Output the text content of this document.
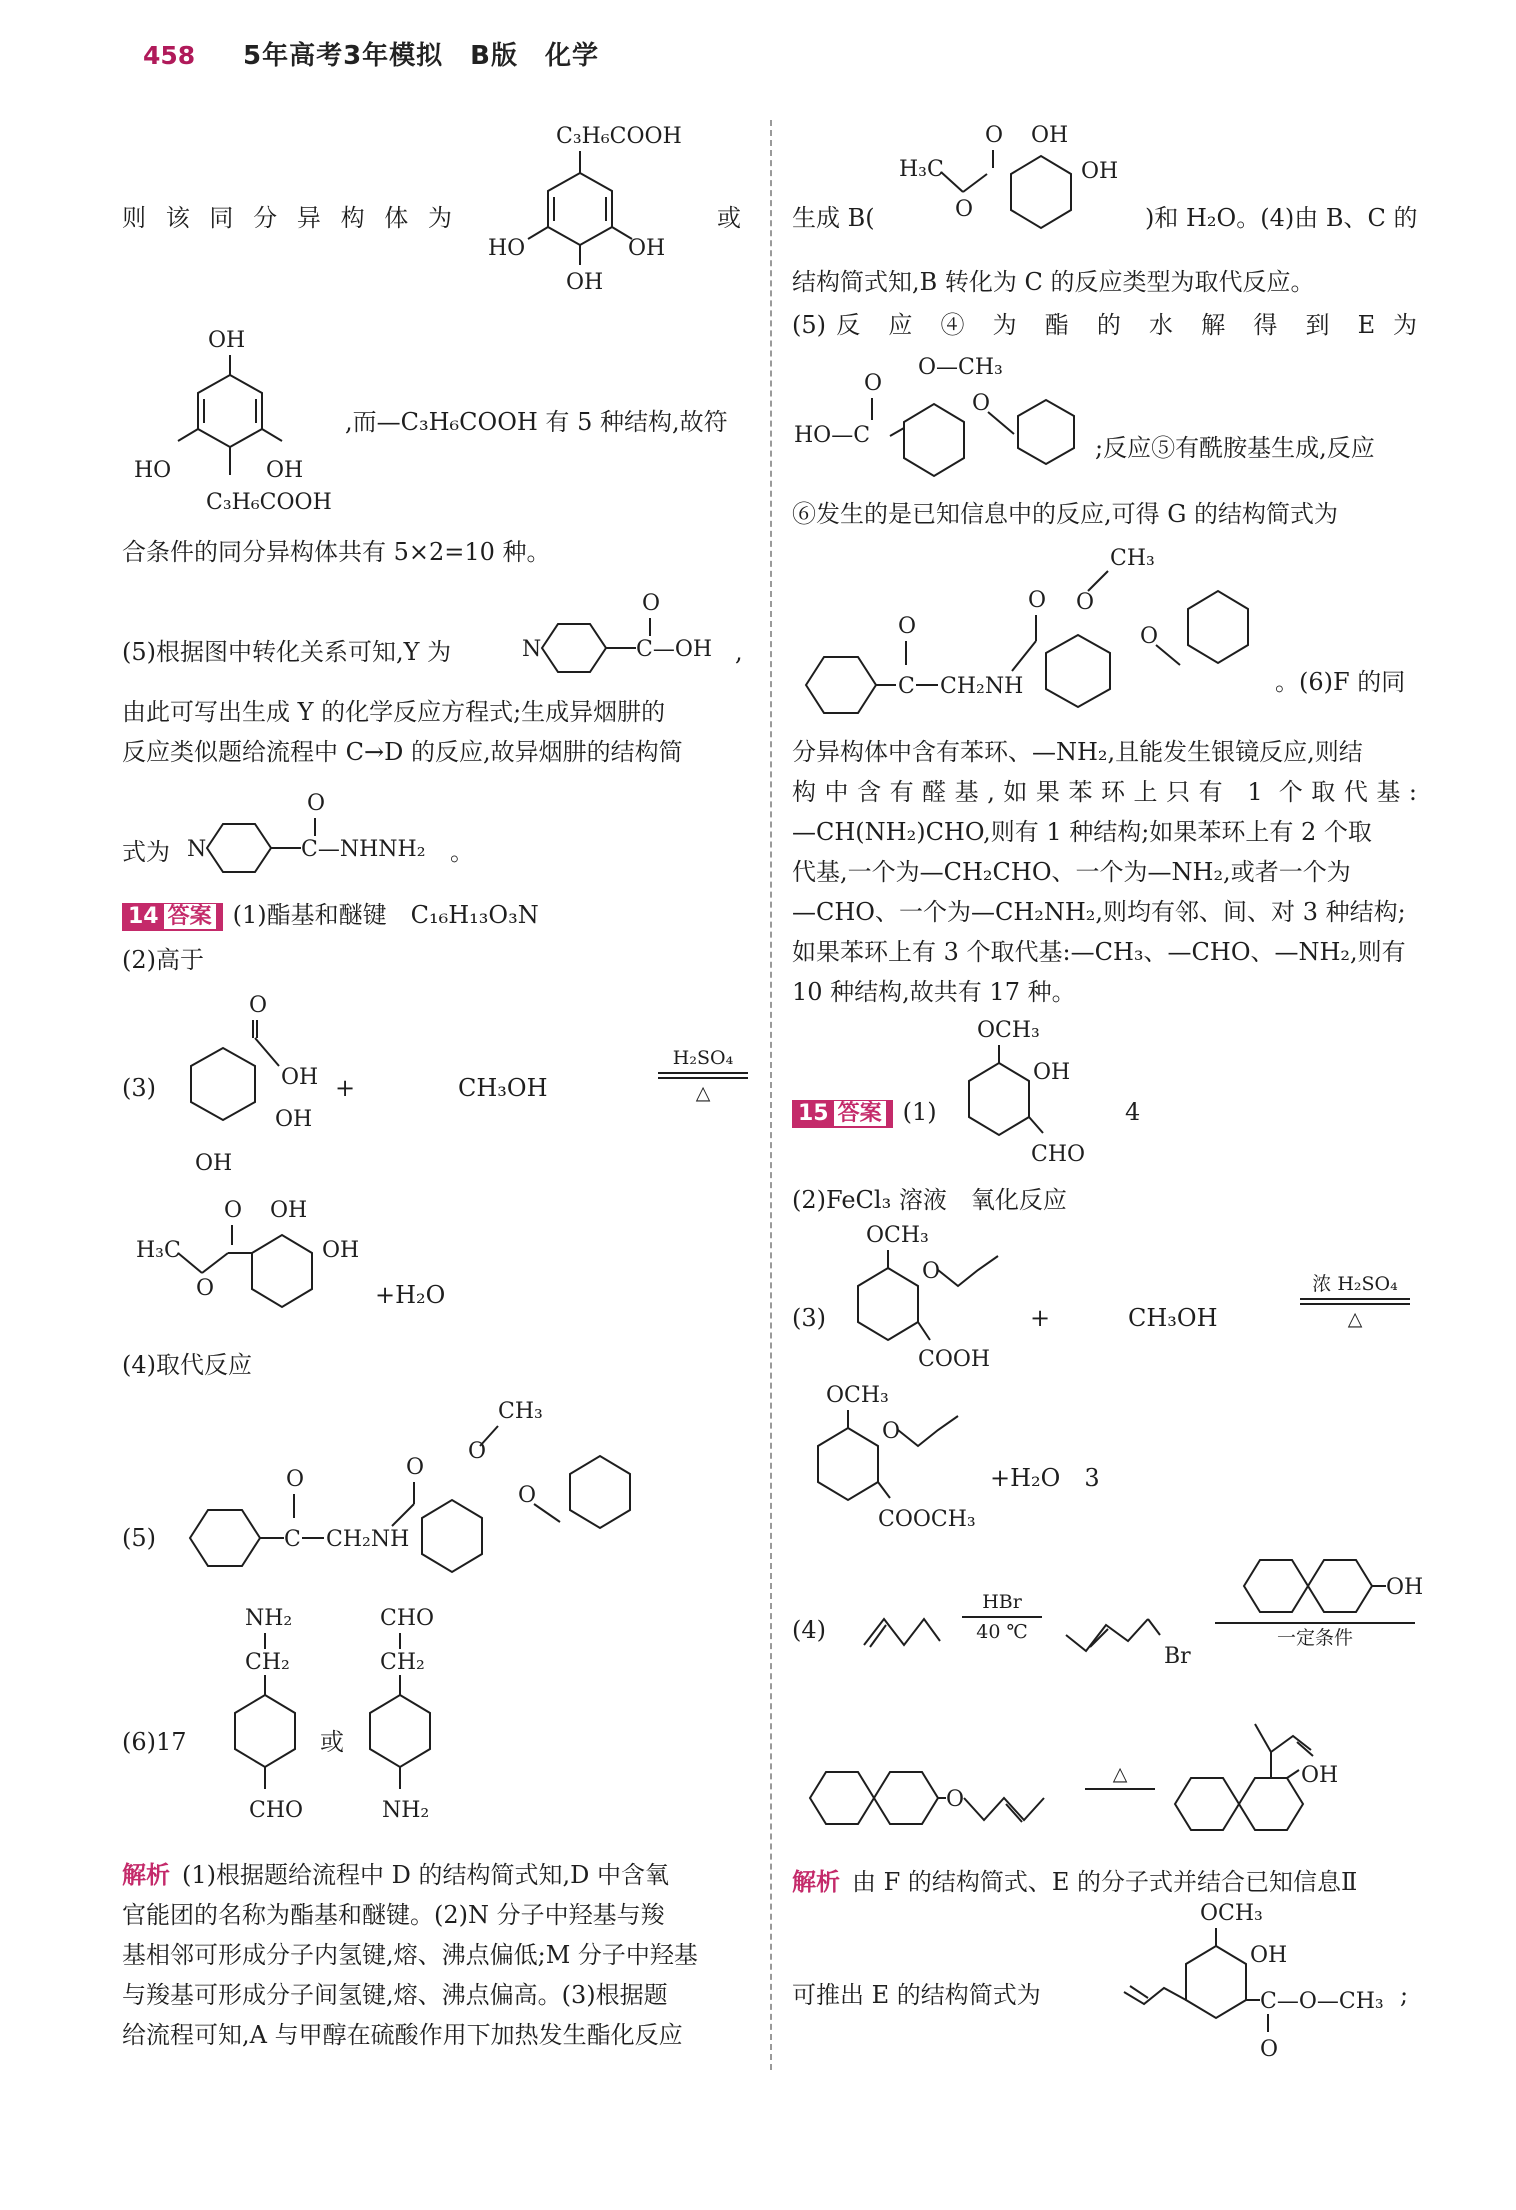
458 5年高考3年模拟　B版　化学
C₃H₆COOH
HO	OH
OH
则 该 同 分 异 构 体 为	或
OH
HO	OH
C₃H₆COOH
,而—C₃H₆COOH 有 5 种结构,故符
合条件的同分异构体共有 5×2=10 种。
(5)根据图中转化关系可知,Y 为	N
O
C—OH ,
由此可写出生成 Y 的化学反应方程式;生成异烟肼的
反应类似题给流程中 C→D 的反应,故异烟肼的结构简
式为 N
O
C—NHNH₂ 。
14 答案 (1)酯基和醚键　C₁₆H₁₃O₃N
(2)高于
(3)
O
OH
OH
OH
+	CH₃OH
H₂SO₄
△
H₃C
O
O OH
OH
+H₂O
(4)取代反应
(5)
O
C CH₂NH
O
O
CH₃
O
(6)17
NH₂
CH₂
CHO
或
CHO
CH₂
NH₂
解析 (1)根据题给流程中 D 的结构简式知,D 中含氧
官能团的名称为酯基和醚键。(2)N 分子中羟基与羧
基相邻可形成分子内氢键,熔、沸点偏低;M 分子中羟基
与羧基可形成分子间氢键,熔、沸点偏高。(3)根据题
给流程可知,A 与甲醇在硫酸作用下加热发生酯化反应
生成 B(
H₃C
O
O OH
OH
)和 H₂O。(4)由 B、C 的
结构简式知,B 转化为 C 的反应类型为取代反应。
(5)反 应 ④ 为 酯 的 水 解 得 到 E 为
HO—C
O
O—CH₃
O
;反应⑤有酰胺基生成,反应
⑥发生的是已知信息中的反应,可得 G 的结构简式为
O
C CH₂NH
O O
CH₃
O
。(6)F 的同
分异构体中含有苯环、—NH₂,且能发生银镜反应,则结
构中含有醛基,如果苯环上只有 1 个取代基:
—CH(NH₂)CHO,则有 1 种结构;如果苯环上有 2 个取
代基,一个为—CH₂CHO、一个为—NH₂,或者一个为
—CHO、一个为—CH₂NH₂,则均有邻、间、对 3 种结构;
如果苯环上有 3 个取代基:—CH₃、—CHO、—NH₂,则有
10 种结构,故共有 17 种。
15 答案 (1)
OCH₃
OH
CHO
4
(2)FeCl₃ 溶液　氧化反应
(3)
OCH₃
O
COOH
+	CH₃OH
浓 H₂SO₄
△
OCH₃
O
COOCH₃
+H₂O　3
(4)
HBr
40 ℃
Br
OH
一定条件
O
△	OH
解析 由 F 的结构简式、E 的分子式并结合已知信息Ⅱ
可推出 E 的结构简式为
OCH₃
OH
C—O—CH₃
O
;
